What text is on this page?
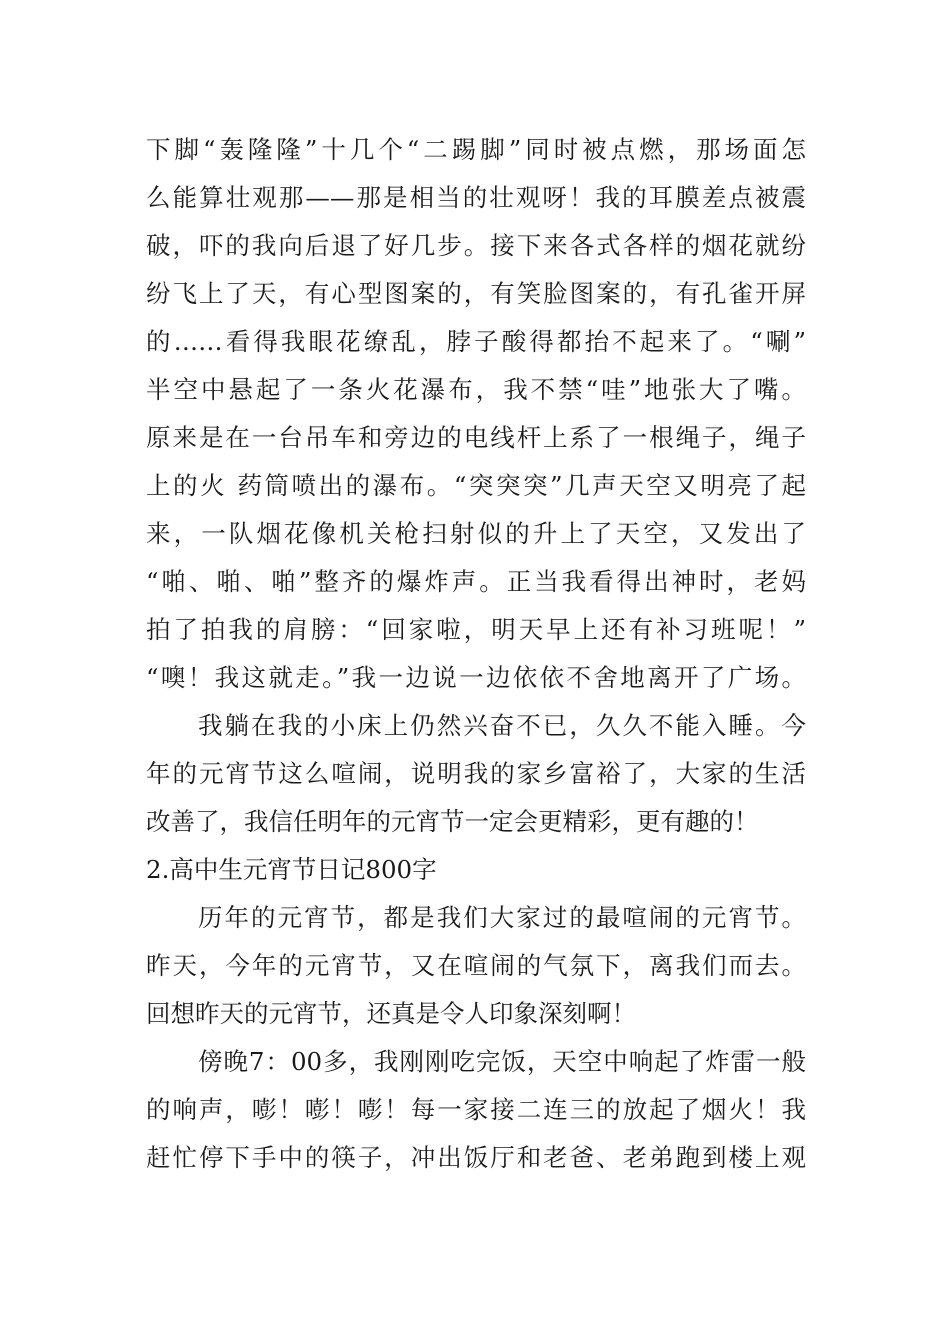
下脚“轰隆隆”十几个“二踢脚”同时被点燃，那场面怎
么能算壮观那——那是相当的壮观呀！我的耳膜差点被震
破，吓的我向后退了好几步。接下来各式各样的烟花就纷
纷飞上了天，有心型图案的，有笑脸图案的，有孔雀开屏
的……看得我眼花缭乱，脖子酸得都抬不起来了。“唰”
半空中悬起了一条火花瀑布，我不禁“哇”地张大了嘴。
原来是在一台吊车和旁边的电线杆上系了一根绳子，绳子
上的火 药筒喷出的瀑布。“突突突”几声天空又明亮了起
来，一队烟花像机关枪扫射似的升上了天空，又发出了
“啪、啪、啪”整齐的爆炸声。正当我看得出神时，老妈
拍了拍我的肩膀：“回家啦，明天早上还有补习班呢！”
“噢！我这就走。”我一边说一边依依不舍地离开了广场。
我躺在我的小床上仍然兴奋不已，久久不能入睡。今
年的元宵节这么喧闹，说明我的家乡富裕了，大家的生活
改善了，我信任明年的元宵节一定会更精彩，更有趣的！
2.高中生元宵节日记800字
历年的元宵节，都是我们大家过的最喧闹的元宵节。
昨天，今年的元宵节，又在喧闹的气氛下，离我们而去。
回想昨天的元宵节，还真是令人印象深刻啊！
傍晚7：00多，我刚刚吃完饭，天空中响起了炸雷一般
的响声，嘭！嘭！嘭！每一家接二连三的放起了烟火！我
赶忙停下手中的筷子，冲出饭厅和老爸、老弟跑到楼上观
